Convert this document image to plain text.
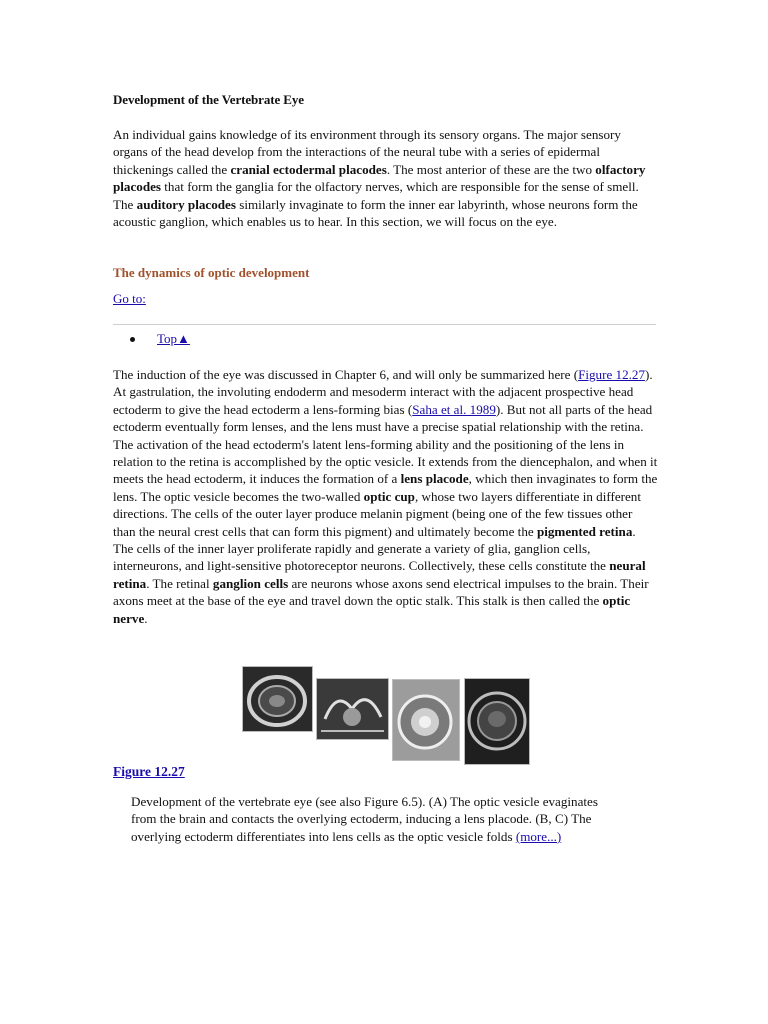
Development of the Vertebrate Eye

An individual gains knowledge of its environment through its sensory organs. The major sensory organs of the head develop from the interactions of the neural tube with a series of epidermal thickenings called the cranial ectodermal placodes. The most anterior of these are the two olfactory placodes that form the ganglia for the olfactory nerves, which are responsible for the sense of smell. The auditory placodes similarly invaginate to form the inner ear labyrinth, whose neurons form the acoustic ganglion, which enables us to hear. In this section, we will focus on the eye.

The dynamics of optic development
Go to:
Top▲

The induction of the eye was discussed in Chapter 6, and will only be summarized here (Figure 12.27). At gastrulation, the involuting endoderm and mesoderm interact with the adjacent prospective head ectoderm to give the head ectoderm a lens-forming bias (Saha et al. 1989). But not all parts of the head ectoderm eventually form lenses, and the lens must have a precise spatial relationship with the retina. The activation of the head ectoderm's latent lens-forming ability and the positioning of the lens in relation to the retina is accomplished by the optic vesicle. It extends from the diencephalon, and when it meets the head ectoderm, it induces the formation of a lens placode, which then invaginates to form the lens. The optic vesicle becomes the two-walled optic cup, whose two layers differentiate in different directions. The cells of the outer layer produce melanin pigment (being one of the few tissues other than the neural crest cells that can form this pigment) and ultimately become the pigmented retina. The cells of the inner layer proliferate rapidly and generate a variety of glia, ganglion cells, interneurons, and light-sensitive photoreceptor neurons. Collectively, these cells constitute the neural retina. The retinal ganglion cells are neurons whose axons send electrical impulses to the brain. Their axons meet at the base of the eye and travel down the optic stalk. This stalk is then called the optic nerve.

Figure 12.27

Development of the vertebrate eye (see also Figure 6.5). (A) The optic vesicle evaginates from the brain and contacts the overlying ectoderm, inducing a lens placode. (B, C) The overlying ectoderm differentiates into lens cells as the optic vesicle folds (more...)
